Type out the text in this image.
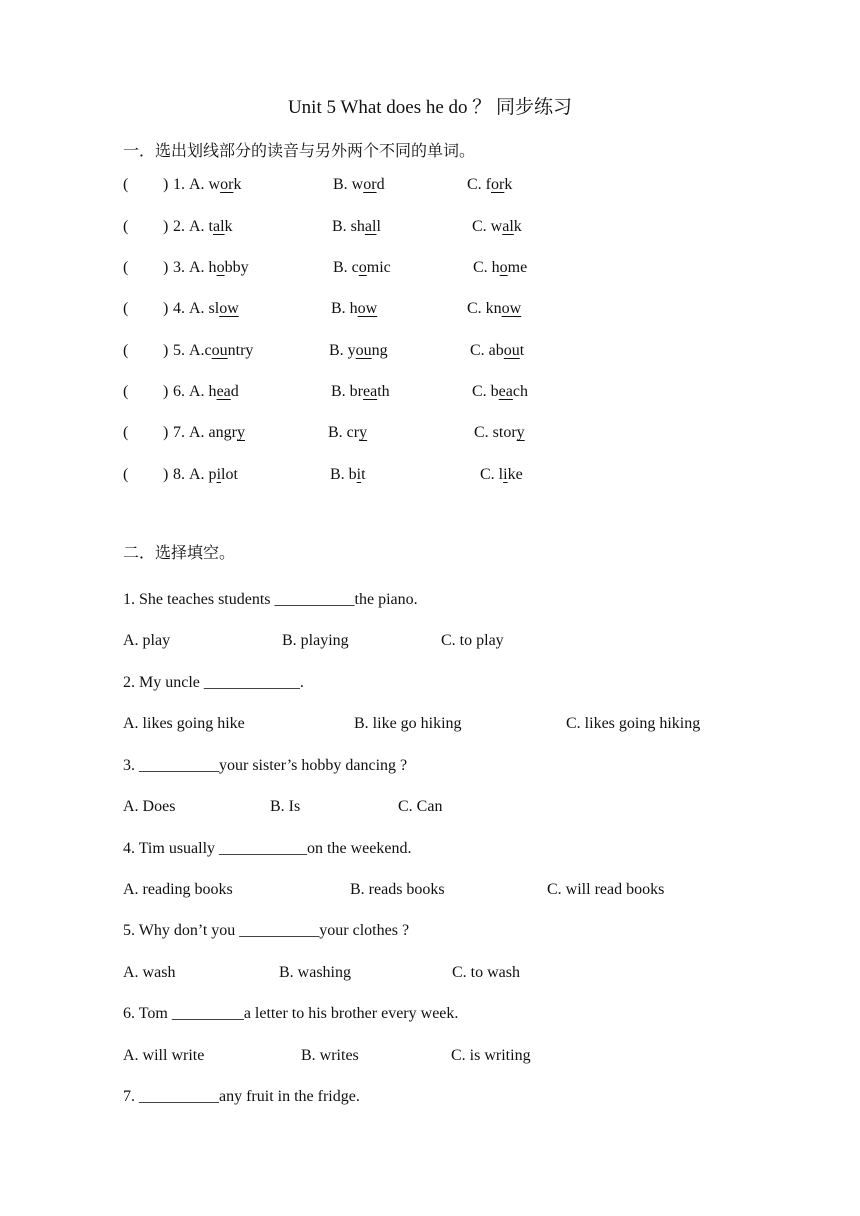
Unit 5 What does he do ？ 同步练习
一．选出划线部分的读音与另外两个不同的单词。
( ) 1. A. work	B. word	C. fork
( ) 2. A. talk	B. shall	C. walk
( ) 3. A. hobby	B. comic	C. home
( ) 4. A. slow	B. how	C. know
( ) 5. A.country	B. young	C. about
( ) 6. A. head	B. breath	C. beach
( ) 7. A. angry	B. cry	C. story
( ) 8. A. pilot	B. bit	C. like
二．选择填空。
1. She teaches students __________the piano.
A. play	B. playing	C. to play
2. My uncle ____________.
A. likes going hike	B. like go hiking	C. likes going hiking
3. __________your sister’s hobby dancing ?
A. Does	B. Is	C. Can
4. Tim usually ___________on the weekend.
A. reading books	B. reads books	C. will read books
5. Why don’t you __________your clothes ?
A. wash	B. washing	C. to wash
6. Tom _________a letter to his brother every week.
A. will write	B. writes	C. is writing
7. __________any fruit in the fridge.
